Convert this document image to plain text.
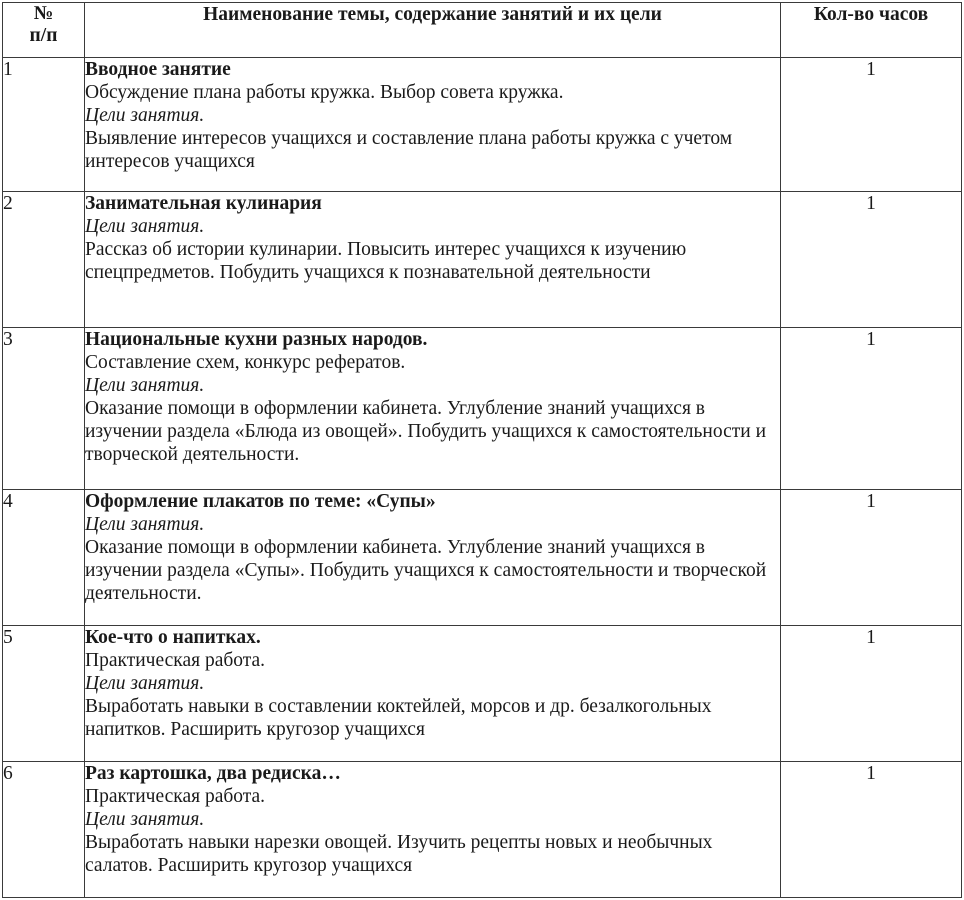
№
п/п	Наименование темы, содержание занятий и их цели	Кол-во часов
1	Вводное занятие
Обсуждение плана работы кружка. Выбор совета кружка.
Цели занятия.
Выявление интересов учащихся и составление плана работы кружка с учетом интересов учащихся	1
2	Занимательная кулинария
Цели занятия.
Рассказ об истории кулинарии. Повысить интерес учащихся к изучению спецпредметов. Побудить учащихся к познавательной деятельности	1
3	Национальные кухни разных народов.
Составление схем, конкурс рефератов.
Цели занятия.
Оказание помощи в оформлении кабинета. Углубление знаний учащихся в изучении раздела «Блюда из овощей». Побудить учащихся к самостоятельности и творческой деятельности.	1
4	Оформление плакатов по теме: «Супы»
Цели занятия.
Оказание помощи в оформлении кабинета. Углубление знаний учащихся в изучении раздела «Супы». Побудить учащихся к самостоятельности и творческой деятельности.	1
5	Кое-что о напитках.
Практическая работа.
Цели занятия.
Выработать навыки в составлении коктейлей, морсов и др. безалкогольных напитков. Расширить кругозор учащихся	1
6	Раз картошка, два редиска…
Практическая работа.
Цели занятия.
Выработать навыки нарезки овощей. Изучить рецепты новых и необычных салатов. Расширить кругозор учащихся	1
